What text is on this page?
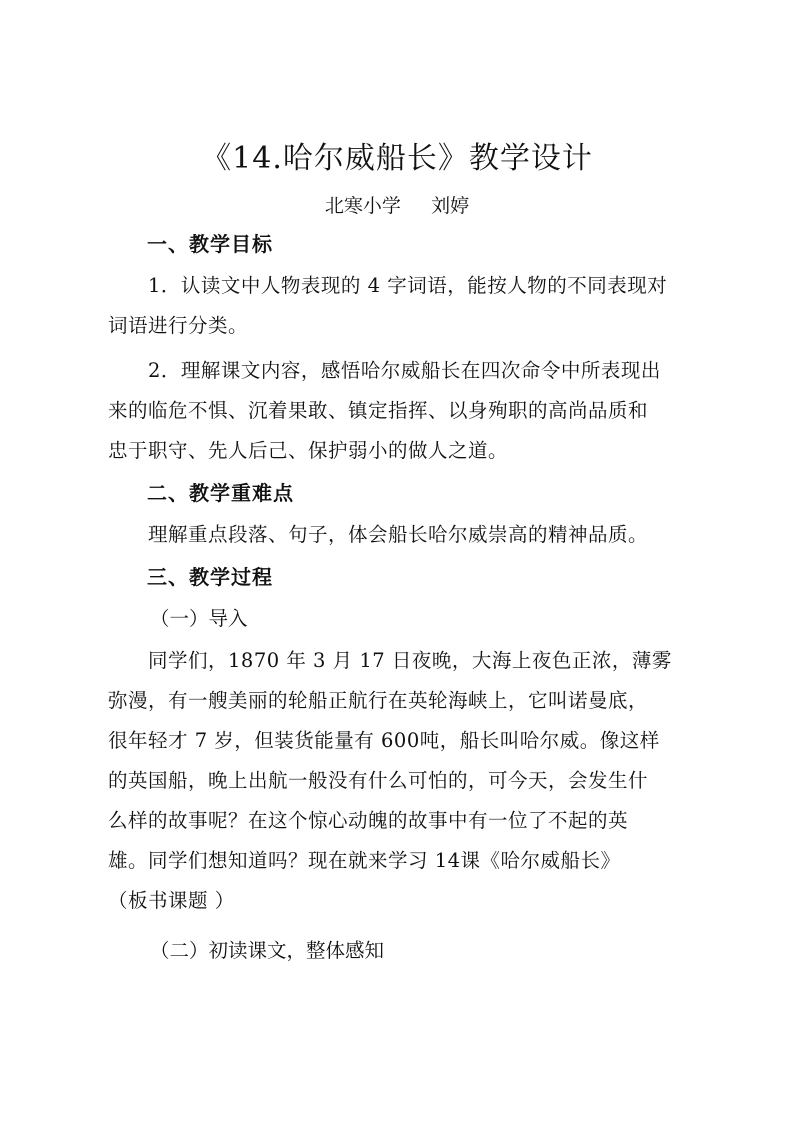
《14.哈尔威船长》教学设计
北寒小学     刘婷
一、教学目标
1．认读文中人物表现的 4 字词语，能按人物的不同表现对
词语进行分类。
2．理解课文内容，感悟哈尔威船长在四次命令中所表现出
来的临危不惧、沉着果敢、镇定指挥、以身殉职的高尚品质和
忠于职守、先人后己、保护弱小的做人之道。
二、教学重难点
理解重点段落、句子，体会船长哈尔威崇高的精神品质。
三、教学过程
（一）导入
同学们，1870 年 3 月 17 日夜晚，大海上夜色正浓，薄雾
弥漫，有一艘美丽的轮船正航行在英轮海峡上，它叫诺曼底，
很年轻才 7 岁，但装货能量有 600吨，船长叫哈尔威。像这样
的英国船，晚上出航一般没有什么可怕的，可今天，会发生什
么样的故事呢？在这个惊心动魄的故事中有一位了不起的英
雄。同学们想知道吗？现在就来学习 14课《哈尔威船长》
（板书课题 ）
（二）初读课文，整体感知
